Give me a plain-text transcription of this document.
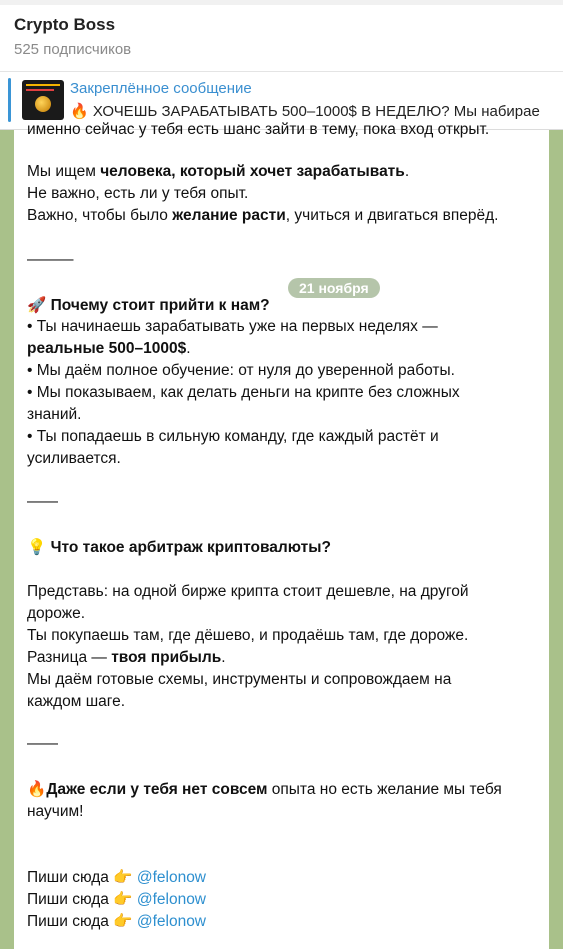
Crypto Boss
525 подписчиков
Закреплённое сообщение
🔥 ХОЧЕШЬ ЗАРАБАТЫВАТЬ 500–1000$ В НЕДЕЛЮ? Мы набирае
именно сейчас у тебя есть шанс зайти в тему, пока вход открыт.
Мы ищем человека, который хочет зарабатывать.
Не важно, есть ли у тебя опыт.
Важно, чтобы было желание расти, учиться и двигаться вперёд.
———
🚀 Почему стоит прийти к нам?
• Ты начинаешь зарабатывать уже на первых неделях —
реальные 500–1000$.
• Мы даём полное обучение: от нуля до уверенной работы.
• Мы показываем, как делать деньги на крипте без сложных знаний.
• Ты попадаешь в сильную команду, где каждый растёт и усиливается.
——
💡 Что такое арбитраж криптовалюты?
Представь: на одной бирже крипта стоит дешевле, на другой дороже.
Ты покупаешь там, где дёшево, и продаёшь там, где дороже.
Разница — твоя прибыль.
Мы даём готовые схемы, инструменты и сопровождаем на каждом шаге.
——
🔥Даже если у тебя нет совсем опыта но есть желание мы тебя научим!
Пиши сюда 👉 @felonow
Пиши сюда 👉 @felonow
Пиши сюда 👉 @felonow
21 ноября
